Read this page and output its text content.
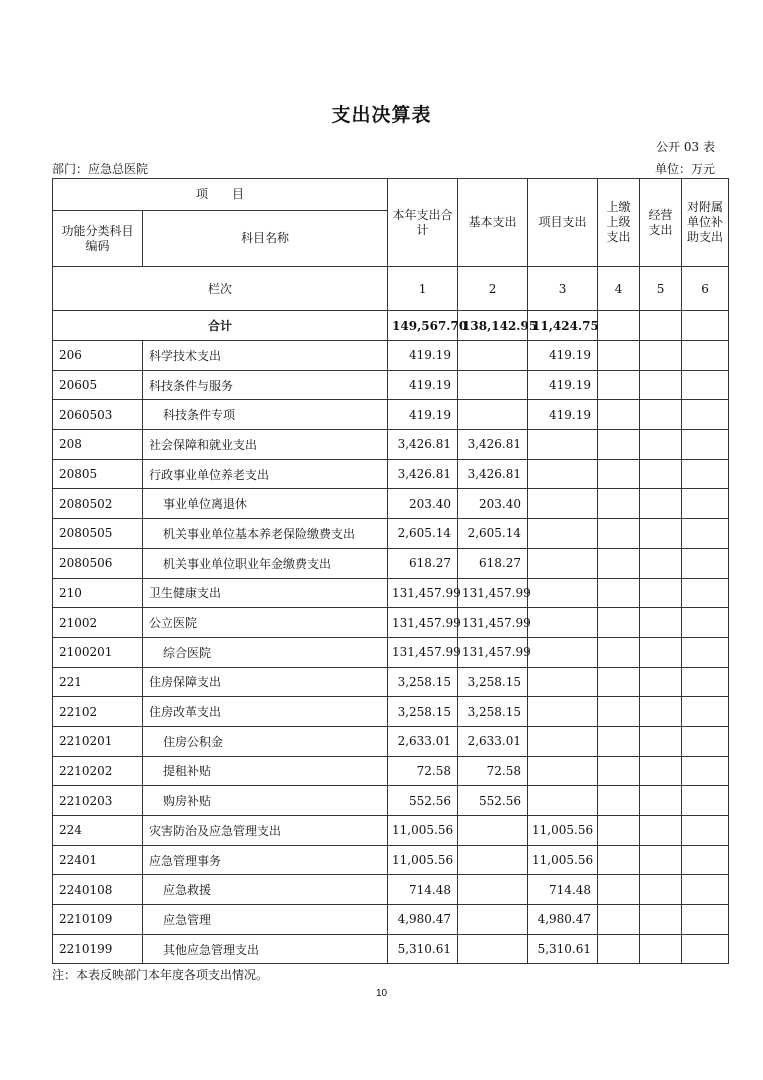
支出决算表
公开 03 表
部门：应急总医院	单位：万元
项　　目		本年支出合计	基本支出	项目支出	上缴上级支出	经营支出	对附属单位补助支出
功能分类科目编码	科目名称						
栏次		1	2	3	4	5	6
合计		149,567.70	138,142.95	11,424.75			
206	科学技术支出	419.19		419.19			
20605	科技条件与服务	419.19		419.19			
2060503	科技条件专项	419.19		419.19			
208	社会保障和就业支出	3,426.81	3,426.81				
20805	行政事业单位养老支出	3,426.81	3,426.81				
2080502	事业单位离退休	203.40	203.40				
2080505	机关事业单位基本养老保险缴费支出	2,605.14	2,605.14				
2080506	机关事业单位职业年金缴费支出	618.27	618.27				
210	卫生健康支出	131,457.99	131,457.99				
21002	公立医院	131,457.99	131,457.99				
2100201	综合医院	131,457.99	131,457.99				
221	住房保障支出	3,258.15	3,258.15				
22102	住房改革支出	3,258.15	3,258.15				
2210201	住房公积金	2,633.01	2,633.01				
2210202	提租补贴	72.58	72.58				
2210203	购房补贴	552.56	552.56				
224	灾害防治及应急管理支出	11,005.56		11,005.56			
22401	应急管理事务	11,005.56		11,005.56			
2240108	应急救援	714.48		714.48			
2210109	应急管理	4,980.47		4,980.47			
2210199	其他应急管理支出	5,310.61		5,310.61			
注：本表反映部门本年度各项支出情况。
10
